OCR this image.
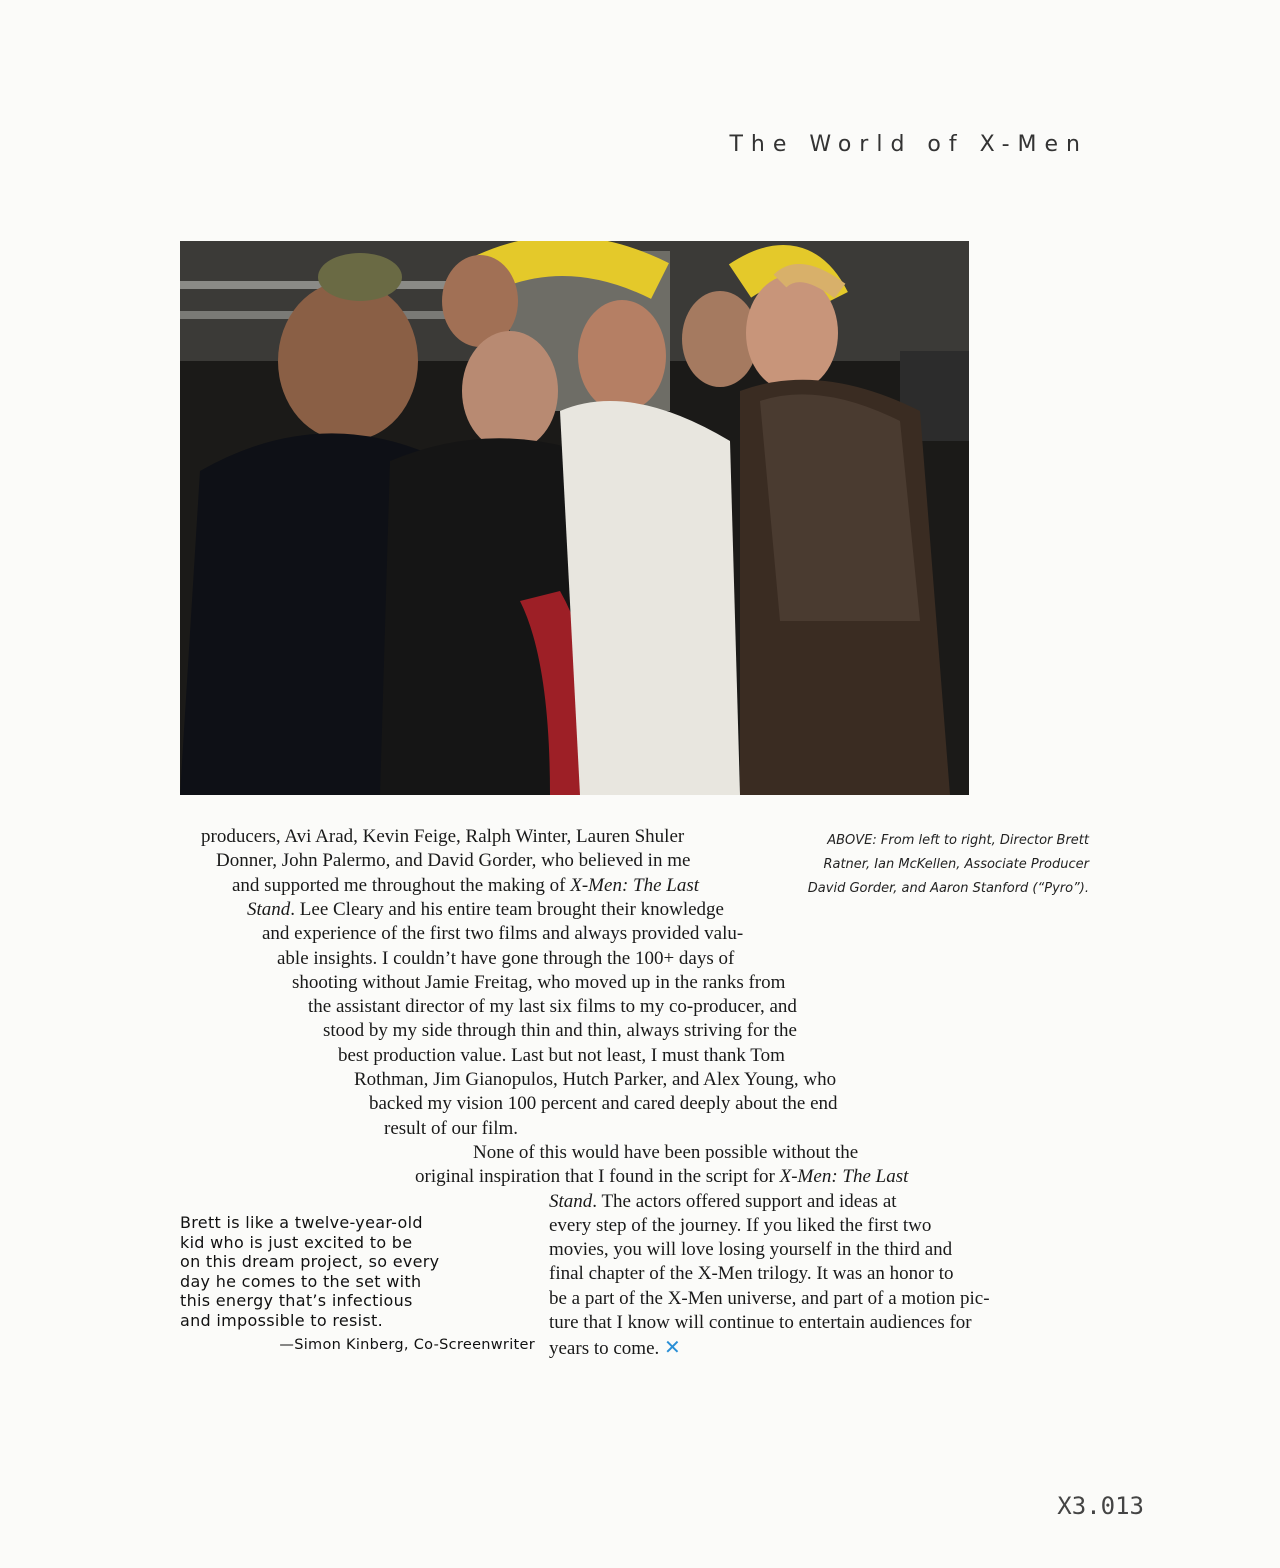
The World of X-Men
ABOVE: From left to right, Director Brett Ratner, Ian McKellen, Associate Producer David Gorder, and Aaron Stanford (“Pyro”).
producers, Avi Arad, Kevin Feige, Ralph Winter, Lauren Shuler
Donner, John Palermo, and David Gorder, who believed in me
and supported me throughout the making of X-Men: The Last
Stand. Lee Cleary and his entire team brought their knowledge
and experience of the first two films and always provided valu-
able insights. I couldn’t have gone through the 100+ days of
shooting without Jamie Freitag, who moved up in the ranks from
the assistant director of my last six films to my co-producer, and
stood by my side through thin and thin, always striving for the
best production value. Last but not least, I must thank Tom
Rothman, Jim Gianopulos, Hutch Parker, and Alex Young, who
backed my vision 100 percent and cared deeply about the end
result of our film.
None of this would have been possible without the
original inspiration that I found in the script for X-Men: The Last
Stand. The actors offered support and ideas at
every step of the journey. If you liked the first two
movies, you will love losing yourself in the third and
final chapter of the X-Men trilogy. It was an honor to
be a part of the X-Men universe, and part of a motion pic-
ture that I know will continue to entertain audiences for
years to come. ✕
Brett is like a twelve-year-old
kid who is just excited to be
on this dream project, so every
day he comes to the set with
this energy that’s infectious
and impossible to resist.
—Simon Kinberg, Co-Screenwriter
X3.013
